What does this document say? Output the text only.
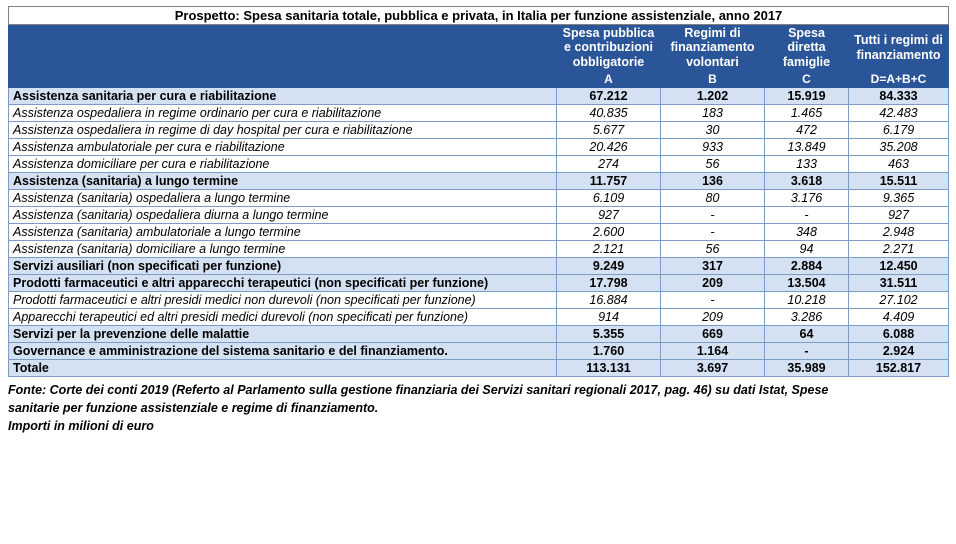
Prospetto: Spesa sanitaria totale, pubblica e privata, in Italia per funzione assistenziale, anno 2017				
	Spesa pubblica e contribuzioni obbligatorie	Regimi di finanziamento volontari	Spesa diretta famiglie	Tutti i regimi di finanziamento
	A	B	C	D=A+B+C
Assistenza sanitaria per cura e riabilitazione	67.212	1.202	15.919	84.333
Assistenza ospedaliera in regime ordinario per cura e riabilitazione	40.835	183	1.465	42.483
Assistenza ospedaliera in regime di day hospital per cura e riabilitazione	5.677	30	472	6.179
Assistenza ambulatoriale per cura e riabilitazione	20.426	933	13.849	35.208
Assistenza domiciliare per cura e riabilitazione	274	56	133	463
Assistenza (sanitaria) a lungo termine	11.757	136	3.618	15.511
Assistenza (sanitaria) ospedaliera a lungo termine	6.109	80	3.176	9.365
Assistenza (sanitaria) ospedaliera diurna a lungo termine	927	-	-	927
Assistenza (sanitaria) ambulatoriale a lungo termine	2.600	-	348	2.948
Assistenza (sanitaria) domiciliare a lungo termine	2.121	56	94	2.271
Servizi ausiliari (non specificati per funzione)	9.249	317	2.884	12.450
Prodotti farmaceutici e altri apparecchi terapeutici (non specificati per funzione)	17.798	209	13.504	31.511
Prodotti farmaceutici e altri presidi medici non durevoli (non specificati per funzione)	16.884	-	10.218	27.102
Apparecchi terapeutici ed altri presidi medici durevoli (non specificati per funzione)	914	209	3.286	4.409
Servizi per la prevenzione delle malattie	5.355	669	64	6.088
Governance e amministrazione del sistema sanitario e del finanziamento.	1.760	1.164	-	2.924
Totale	113.131	3.697	35.989	152.817
Fonte: Corte dei conti 2019 (Referto al Parlamento sulla gestione finanziaria dei Servizi sanitari regionali 2017, pag. 46) su dati Istat, Spese
sanitarie per funzione assistenziale e regime di finanziamento.
Importi in milioni di euro
